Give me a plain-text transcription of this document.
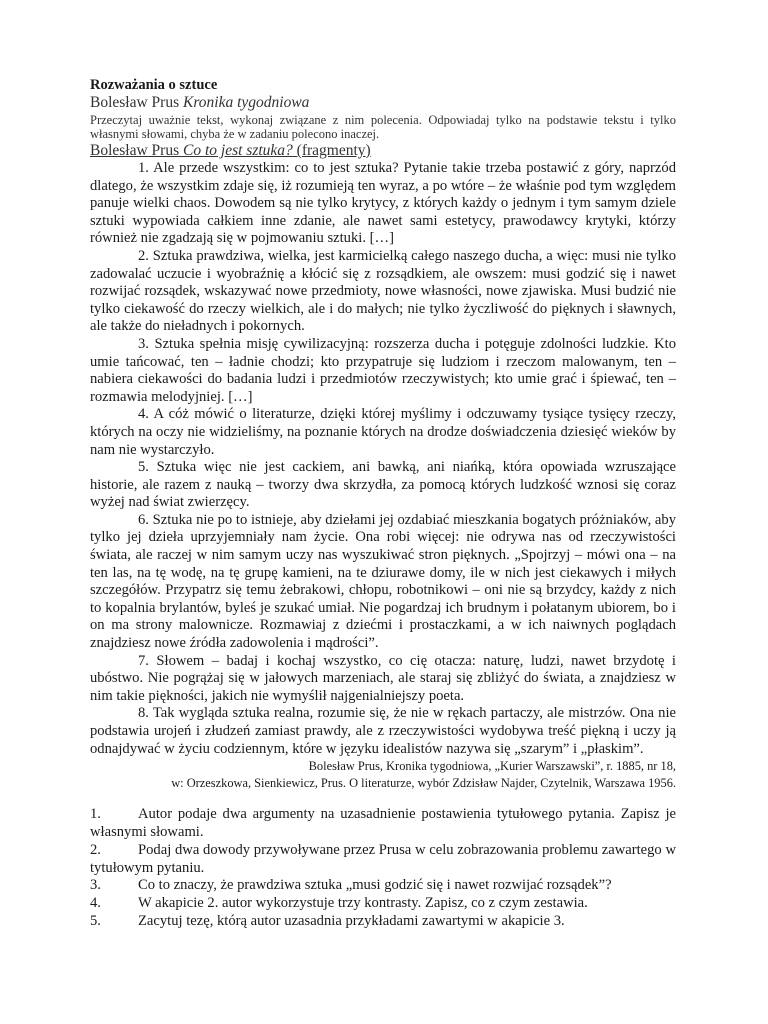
Rozważania o sztuce

Bolesław Prus Kronika tygodniowa

Przeczytaj uważnie tekst, wykonaj związane z nim polecenia. Odpowiadaj tylko na podstawie tekstu i tylko własnymi słowami, chyba że w zadaniu polecono inaczej.

Bolesław Prus Co to jest sztuka? (fragmenty)

1. Ale przede wszystkim: co to jest sztuka? Pytanie takie trzeba postawić z góry, naprzód dlatego, że wszystkim zdaje się, iż rozumieją ten wyraz, a po wtóre – że właśnie pod tym względem panuje wielki chaos. Dowodem są nie tylko krytycy, z których każdy o jednym i tym samym dziele sztuki wypowiada całkiem inne zdanie, ale nawet sami estetycy, prawodawcy krytyki, którzy również nie zgadzają się w pojmowaniu sztuki. […]

2. Sztuka prawdziwa, wielka, jest karmicielką całego naszego ducha, a więc: musi nie tylko zadowalać uczucie i wyobraźnię a kłócić się z rozsądkiem, ale owszem: musi godzić się i nawet rozwijać rozsądek, wskazywać nowe przedmioty, nowe własności, nowe zjawiska. Musi budzić nie tylko ciekawość do rzeczy wielkich, ale i do małych; nie tylko życzliwość do pięknych i sławnych, ale także do nieładnych i pokornych.

3. Sztuka spełnia misję cywilizacyjną: rozszerza ducha i potęguje zdolności ludzkie. Kto umie tańcować, ten – ładnie chodzi; kto przypatruje się ludziom i rzeczom malowanym, ten – nabiera ciekawości do badania ludzi i przedmiotów rzeczywistych; kto umie grać i śpiewać, ten – rozmawia melodyjniej. […]

4. A cóż mówić o literaturze, dzięki której myślimy i odczuwamy tysiące tysięcy rzeczy, których na oczy nie widzieliśmy, na poznanie których na drodze doświadczenia dziesięć wieków by nam nie wystarczyło.

5. Sztuka więc nie jest cackiem, ani bawką, ani niańką, która opowiada wzruszające historie, ale razem z nauką – tworzy dwa skrzydła, za pomocą których ludzkość wznosi się coraz wyżej nad świat zwierzęcy.

6. Sztuka nie po to istnieje, aby dziełami jej ozdabiać mieszkania bogatych próżniaków, aby tylko jej dzieła uprzyjemniały nam życie. Ona robi więcej: nie odrywa nas od rzeczywistości świata, ale raczej w nim samym uczy nas wyszukiwać stron pięknych. „Spojrzyj – mówi ona – na ten las, na tę wodę, na tę grupę kamieni, na te dziurawe domy, ile w nich jest ciekawych i miłych szczegółów. Przypatrz się temu żebrakowi, chłopu, robotnikowi – oni nie są brzydcy, każdy z nich to kopalnia brylantów, byleś je szukać umiał. Nie pogardzaj ich brudnym i połatanym ubiorem, bo i on ma strony malownicze. Rozmawiaj z dziećmi i prostaczkami, a w ich naiwnych poglądach znajdziesz nowe źródła zadowolenia i mądrości”.

7. Słowem – badaj i kochaj wszystko, co cię otacza: naturę, ludzi, nawet brzydotę i ubóstwo. Nie pogrążaj się w jałowych marzeniach, ale staraj się zbliżyć do świata, a znajdziesz w nim takie piękności, jakich nie wymyślił najgenialniejszy poeta.

8. Tak wygląda sztuka realna, rozumie się, że nie w rękach partaczy, ale mistrzów. Ona nie podstawia urojeń i złudzeń zamiast prawdy, ale z rzeczywistości wydobywa treść piękną i uczy ją odnajdywać w życiu codziennym, które w języku idealistów nazywa się „szarym” i „płaskim”.

Bolesław Prus, Kronika tygodniowa, „Kurier Warszawski”, r. 1885, nr 18,
w: Orzeszkowa, Sienkiewicz, Prus. O literaturze, wybór Zdzisław Najder, Czytelnik, Warszawa 1956.

1.	Autor podaje dwa argumenty na uzasadnienie postawienia tytułowego pytania. Zapisz je własnymi słowami.

2.	Podaj dwa dowody przywoływane przez Prusa w celu zobrazowania problemu zawartego w tytułowym pytaniu.

3.	Co to znaczy, że prawdziwa sztuka „musi godzić się i nawet rozwijać rozsądek”?

4.	W akapicie 2. autor wykorzystuje trzy kontrasty. Zapisz, co z czym zestawia.

5.	Zacytuj tezę, którą autor uzasadnia przykładami zawartymi w akapicie 3.
